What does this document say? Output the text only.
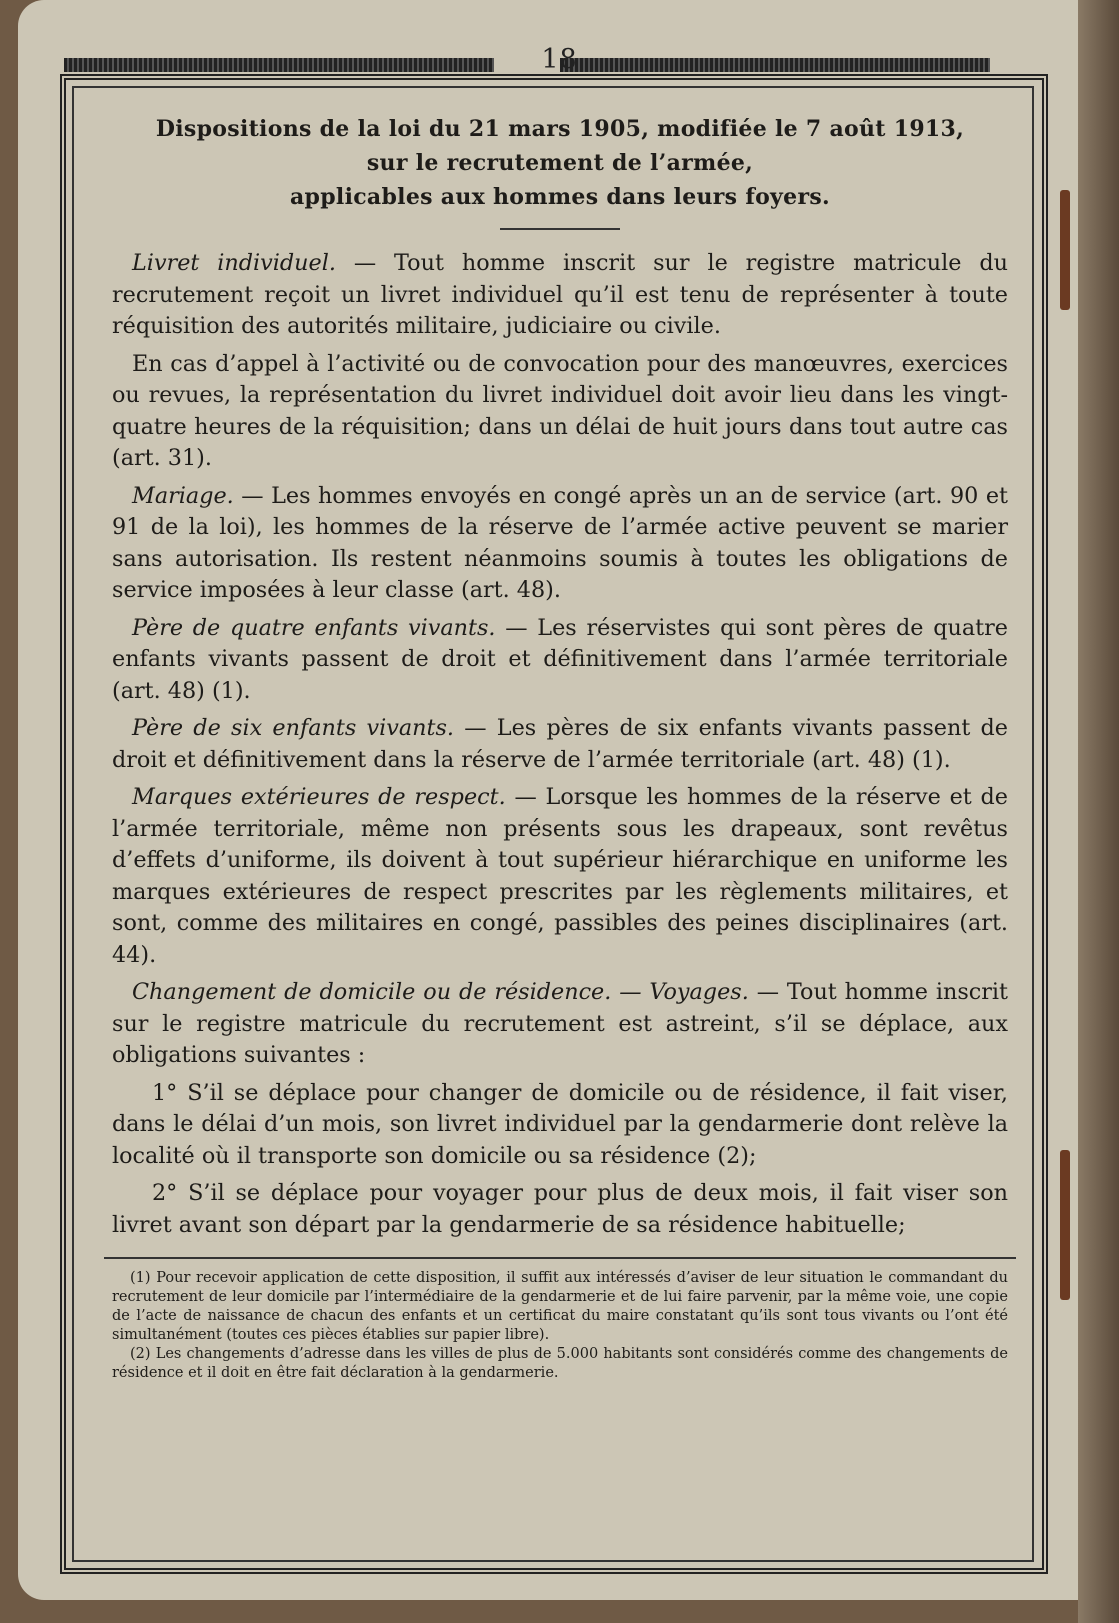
18
Dispositions de la loi du 21 mars 1905, modifiée le 7 août 1913,
sur le recrutement de l’armée,
applicables aux hommes dans leurs foyers.

Livret individuel. — Tout homme inscrit sur le registre matricule du recrutement reçoit un livret individuel qu’il est tenu de représenter à toute réquisition des autorités militaire, judiciaire ou civile.

En cas d’appel à l’activité ou de convocation pour des manœuvres, exercices ou revues, la représentation du livret individuel doit avoir lieu dans les vingt-quatre heures de la réquisition; dans un délai de huit jours dans tout autre cas (art. 31).

Mariage. — Les hommes envoyés en congé après un an de service (art. 90 et 91 de la loi), les hommes de la réserve de l’armée active peuvent se marier sans autorisation. Ils restent néanmoins soumis à toutes les obligations de service imposées à leur classe (art. 48).

Père de quatre enfants vivants. — Les réservistes qui sont pères de quatre enfants vivants passent de droit et définitivement dans l’armée territoriale (art. 48) (1).

Père de six enfants vivants. — Les pères de six enfants vivants passent de droit et définitivement dans la réserve de l’armée territoriale (art. 48) (1).

Marques extérieures de respect. — Lorsque les hommes de la réserve et de l’armée territoriale, même non présents sous les drapeaux, sont revêtus d’effets d’uniforme, ils doivent à tout supérieur hiérarchique en uniforme les marques extérieures de respect prescrites par les règlements militaires, et sont, comme des militaires en congé, passibles des peines disciplinaires (art. 44).

Changement de domicile ou de résidence. — Voyages. — Tout homme inscrit sur le registre matricule du recrutement est astreint, s’il se déplace, aux obligations suivantes :

1° S’il se déplace pour changer de domicile ou de résidence, il fait viser, dans le délai d’un mois, son livret individuel par la gendarmerie dont relève la localité où il transporte son domicile ou sa résidence (2);

2° S’il se déplace pour voyager pour plus de deux mois, il fait viser son livret avant son départ par la gendarmerie de sa résidence habituelle;

(1) Pour recevoir application de cette disposition, il suffit aux intéressés d’aviser de leur situation le commandant du recrutement de leur domicile par l’intermédiaire de la gendarmerie et de lui faire parvenir, par la même voie, une copie de l’acte de naissance de chacun des enfants et un certificat du maire constatant qu’ils sont tous vivants ou l’ont été simultanément (toutes ces pièces établies sur papier libre).

(2) Les changements d’adresse dans les villes de plus de 5.000 habitants sont considérés comme des changements de résidence et il doit en être fait déclaration à la gendarmerie.
